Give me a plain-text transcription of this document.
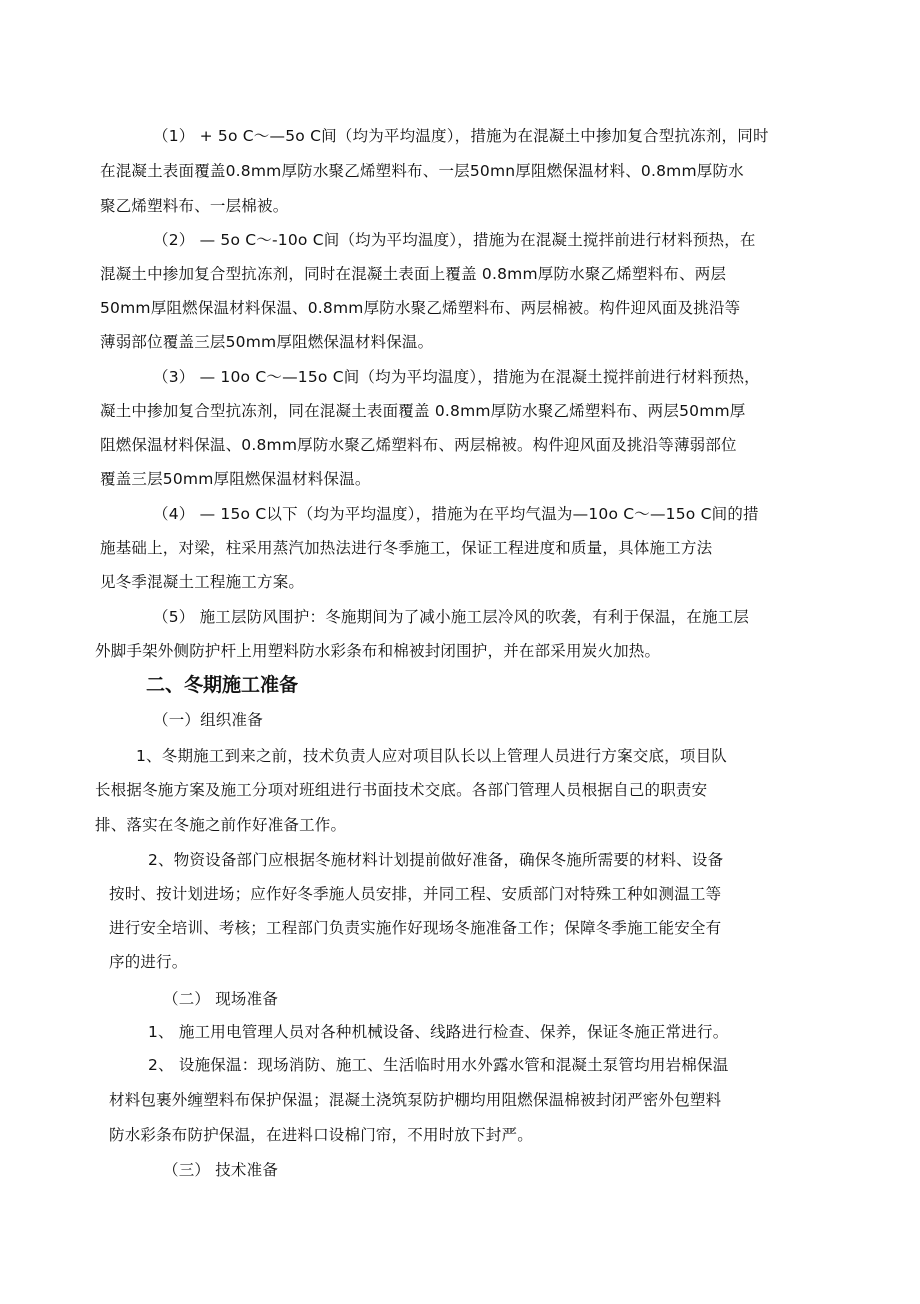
（1） + 5o C～—5o C间（均为平均温度），措施为在混凝土中掺加复合型抗冻剂，同时
在混凝土表面覆盖0.8mm厚防水聚乙烯塑料布、一层50mn厚阻燃保温材料、0.8mm厚防水
聚乙烯塑料布、一层棉被。
（2） — 5o C～-10o C间（均为平均温度），措施为在混凝土搅拌前进行材料预热，在
混凝土中掺加复合型抗冻剂，同时在混凝土表面上覆盖 0.8mm厚防水聚乙烯塑料布、两层
50mm厚阻燃保温材料保温、0.8mm厚防水聚乙烯塑料布、两层棉被。构件迎风面及挑沿等
薄弱部位覆盖三层50mm厚阻燃保温材料保温。
（3） — 10o C～—15o C间（均为平均温度），措施为在混凝土搅拌前进行材料预热，
凝土中掺加复合型抗冻剂，同在混凝土表面覆盖 0.8mm厚防水聚乙烯塑料布、两层50mm厚
阻燃保温材料保温、0.8mm厚防水聚乙烯塑料布、两层棉被。构件迎风面及挑沿等薄弱部位
覆盖三层50mm厚阻燃保温材料保温。
（4） — 15o C以下（均为平均温度），措施为在平均气温为—10o C～—15o C间的措
施基础上，对梁，柱采用蒸汽加热法进行冬季施工，保证工程进度和质量，具体施工方法
见冬季混凝土工程施工方案。
（5） 施工层防风围护：冬施期间为了减小施工层冷风的吹袭，有利于保温，在施工层
外脚手架外侧防护杆上用塑料防水彩条布和棉被封闭围护，并在部采用炭火加热。
二、冬期施工准备
（一）组织准备
1、冬期施工到来之前，技术负责人应对项目队长以上管理人员进行方案交底，项目队
长根据冬施方案及施工分项对班组进行书面技术交底。各部门管理人员根据自己的职责安
排、落实在冬施之前作好准备工作。
2、物资设备部门应根据冬施材料计划提前做好准备，确保冬施所需要的材料、设备
按时、按计划进场；应作好冬季施人员安排，并同工程、安质部门对特殊工种如测温工等
进行安全培训、考核；工程部门负责实施作好现场冬施准备工作；保障冬季施工能安全有
序的进行。
（二） 现场准备
1、 施工用电管理人员对各种机械设备、线路进行检查、保养，保证冬施正常进行。
2、 设施保温：现场消防、施工、生活临时用水外露水管和混凝土泵管均用岩棉保温
材料包裹外缠塑料布保护保温；混凝土浇筑泵防护棚均用阻燃保温棉被封闭严密外包塑料
防水彩条布防护保温，在进料口设棉门帘，不用时放下封严。
（三） 技术准备
